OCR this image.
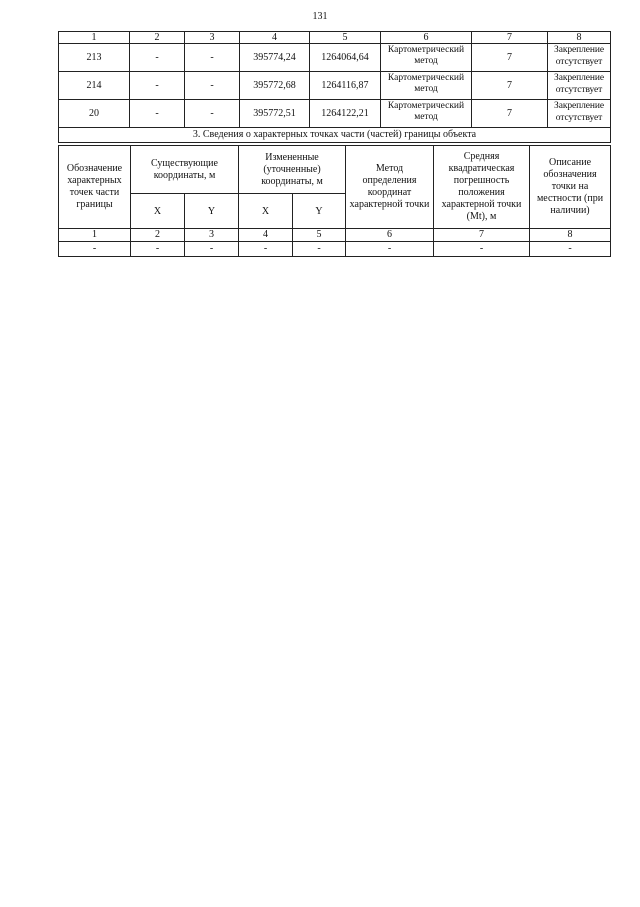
131
1	2	3	4	5	6	7	8
213	-	-	395774,24	1264064,64	Картометрический метод	7	Закрепление отсутствует
214	-	-	395772,68	1264116,87	Картометрический метод	7	Закрепление отсутствует
20	-	-	395772,51	1264122,21	Картометрический метод	7	Закрепление отсутствует
3. Сведения о характерных точках части (частей) границы объекта							
Обозначение характерных точек части границы	Существующие координаты, м		Измененные (уточненные) координаты, м		Метод определения координат характерной точки	Средняя квадратическая погрешность положения характерной точки (Mt), м	Описание обозначения точки на местности (при наличии)
	X	Y	X	Y			
1	2	3	4	5	6	7	8
-	-	-	-	-	-	-	-
